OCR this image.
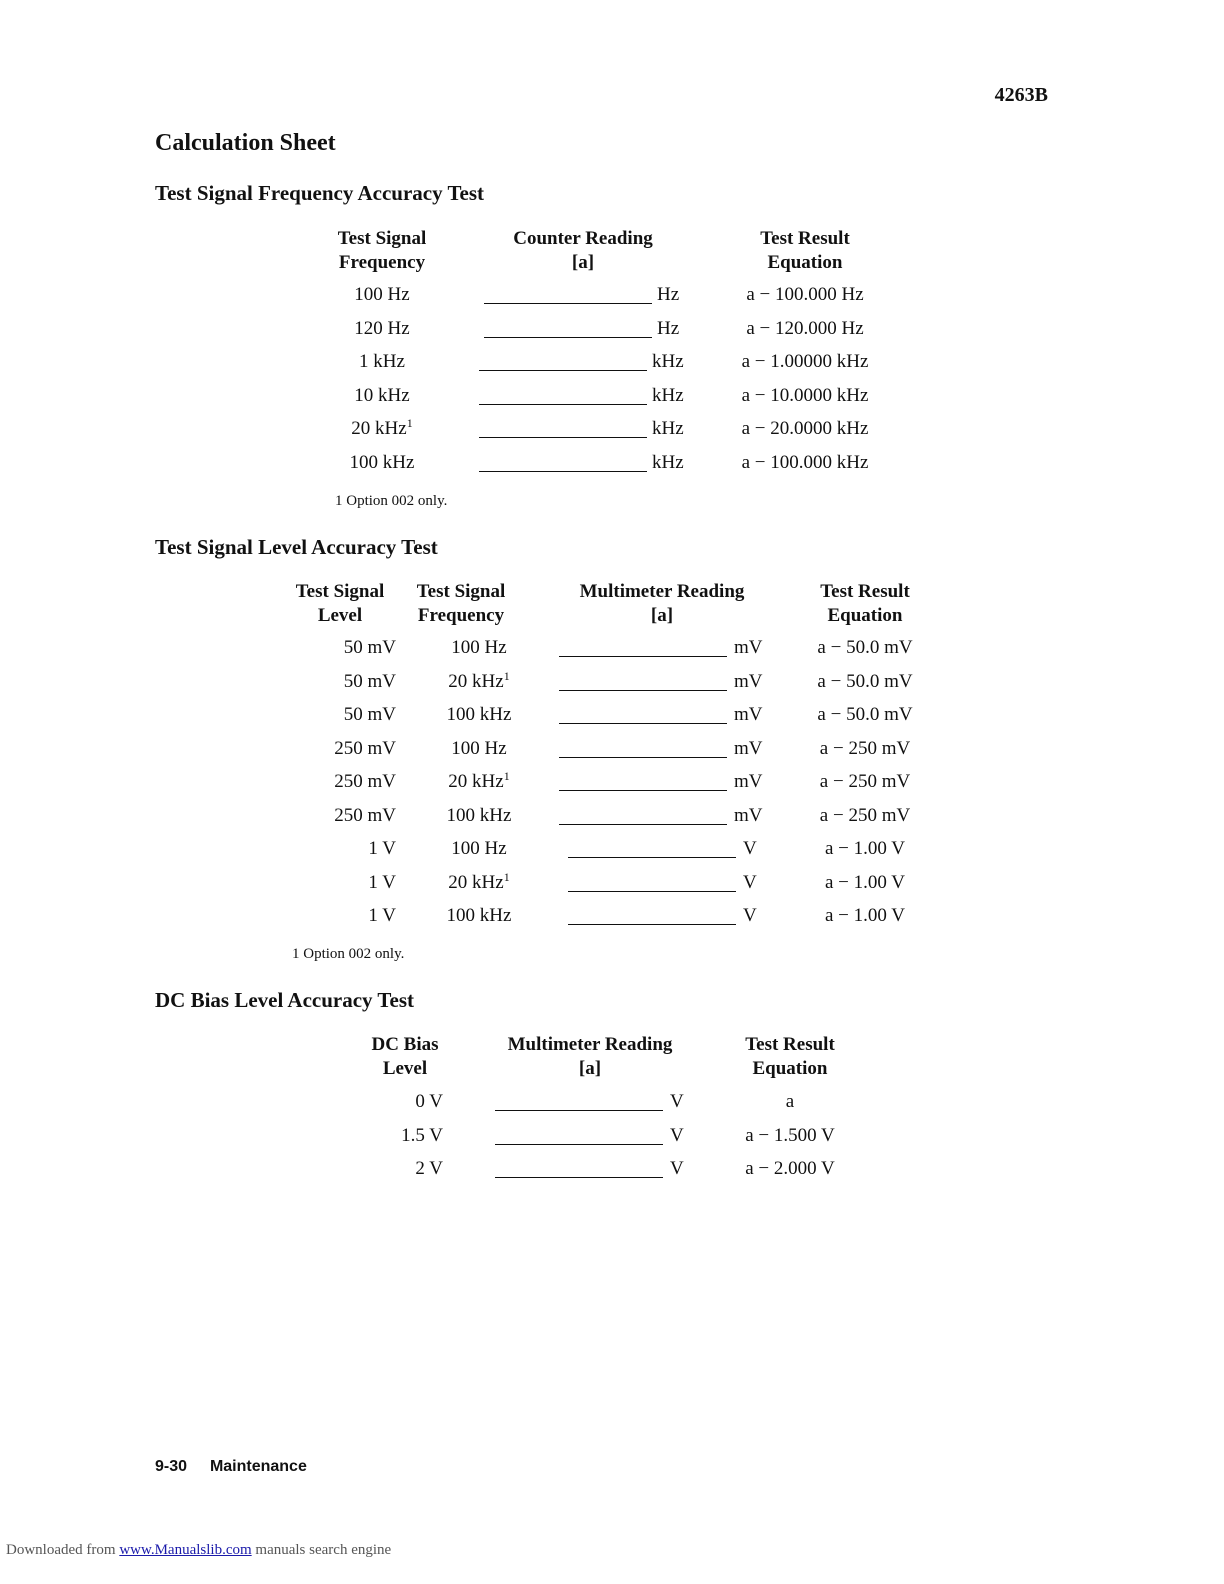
4263B
Calculation Sheet
Test Signal Frequency Accuracy Test
Test Signal
Frequency
Counter Reading
[a]
Test Result
Equation
100 Hz	Hz	a − 100.000 Hz
120 Hz	Hz	a − 120.000 Hz
1 kHz	kHz	a − 1.00000 kHz
10 kHz	kHz	a − 10.0000 kHz
20 kHz$^1$	kHz	a − 20.0000 kHz
100 kHz	kHz	a − 100.000 kHz
1 Option 002 only.
Test Signal Level Accuracy Test
Test Signal
Level
Test Signal
Frequency
Multimeter Reading
[a]
Test Result
Equation
50 mV	100 Hz	mV	a − 50.0 mV
50 mV	20 kHz$^1$	mV	a − 50.0 mV
50 mV	100 kHz	mV	a − 50.0 mV
250 mV	100 Hz	mV	a − 250 mV
250 mV	20 kHz$^1$	mV	a − 250 mV
250 mV	100 kHz	mV	a − 250 mV
1 V	100 Hz	V	a − 1.00 V
1 V	20 kHz$^1$	V	a − 1.00 V
1 V	100 kHz	V	a − 1.00 V
1 Option 002 only.
DC Bias Level Accuracy Test
DC Bias
Level
Multimeter Reading
[a]
Test Result
Equation
0 V	V	a
1.5 V	V	a − 1.500 V
2 V	V	a − 2.000 V
9-30 Maintenance
Downloaded from www.Manualslib.com manuals search engine
